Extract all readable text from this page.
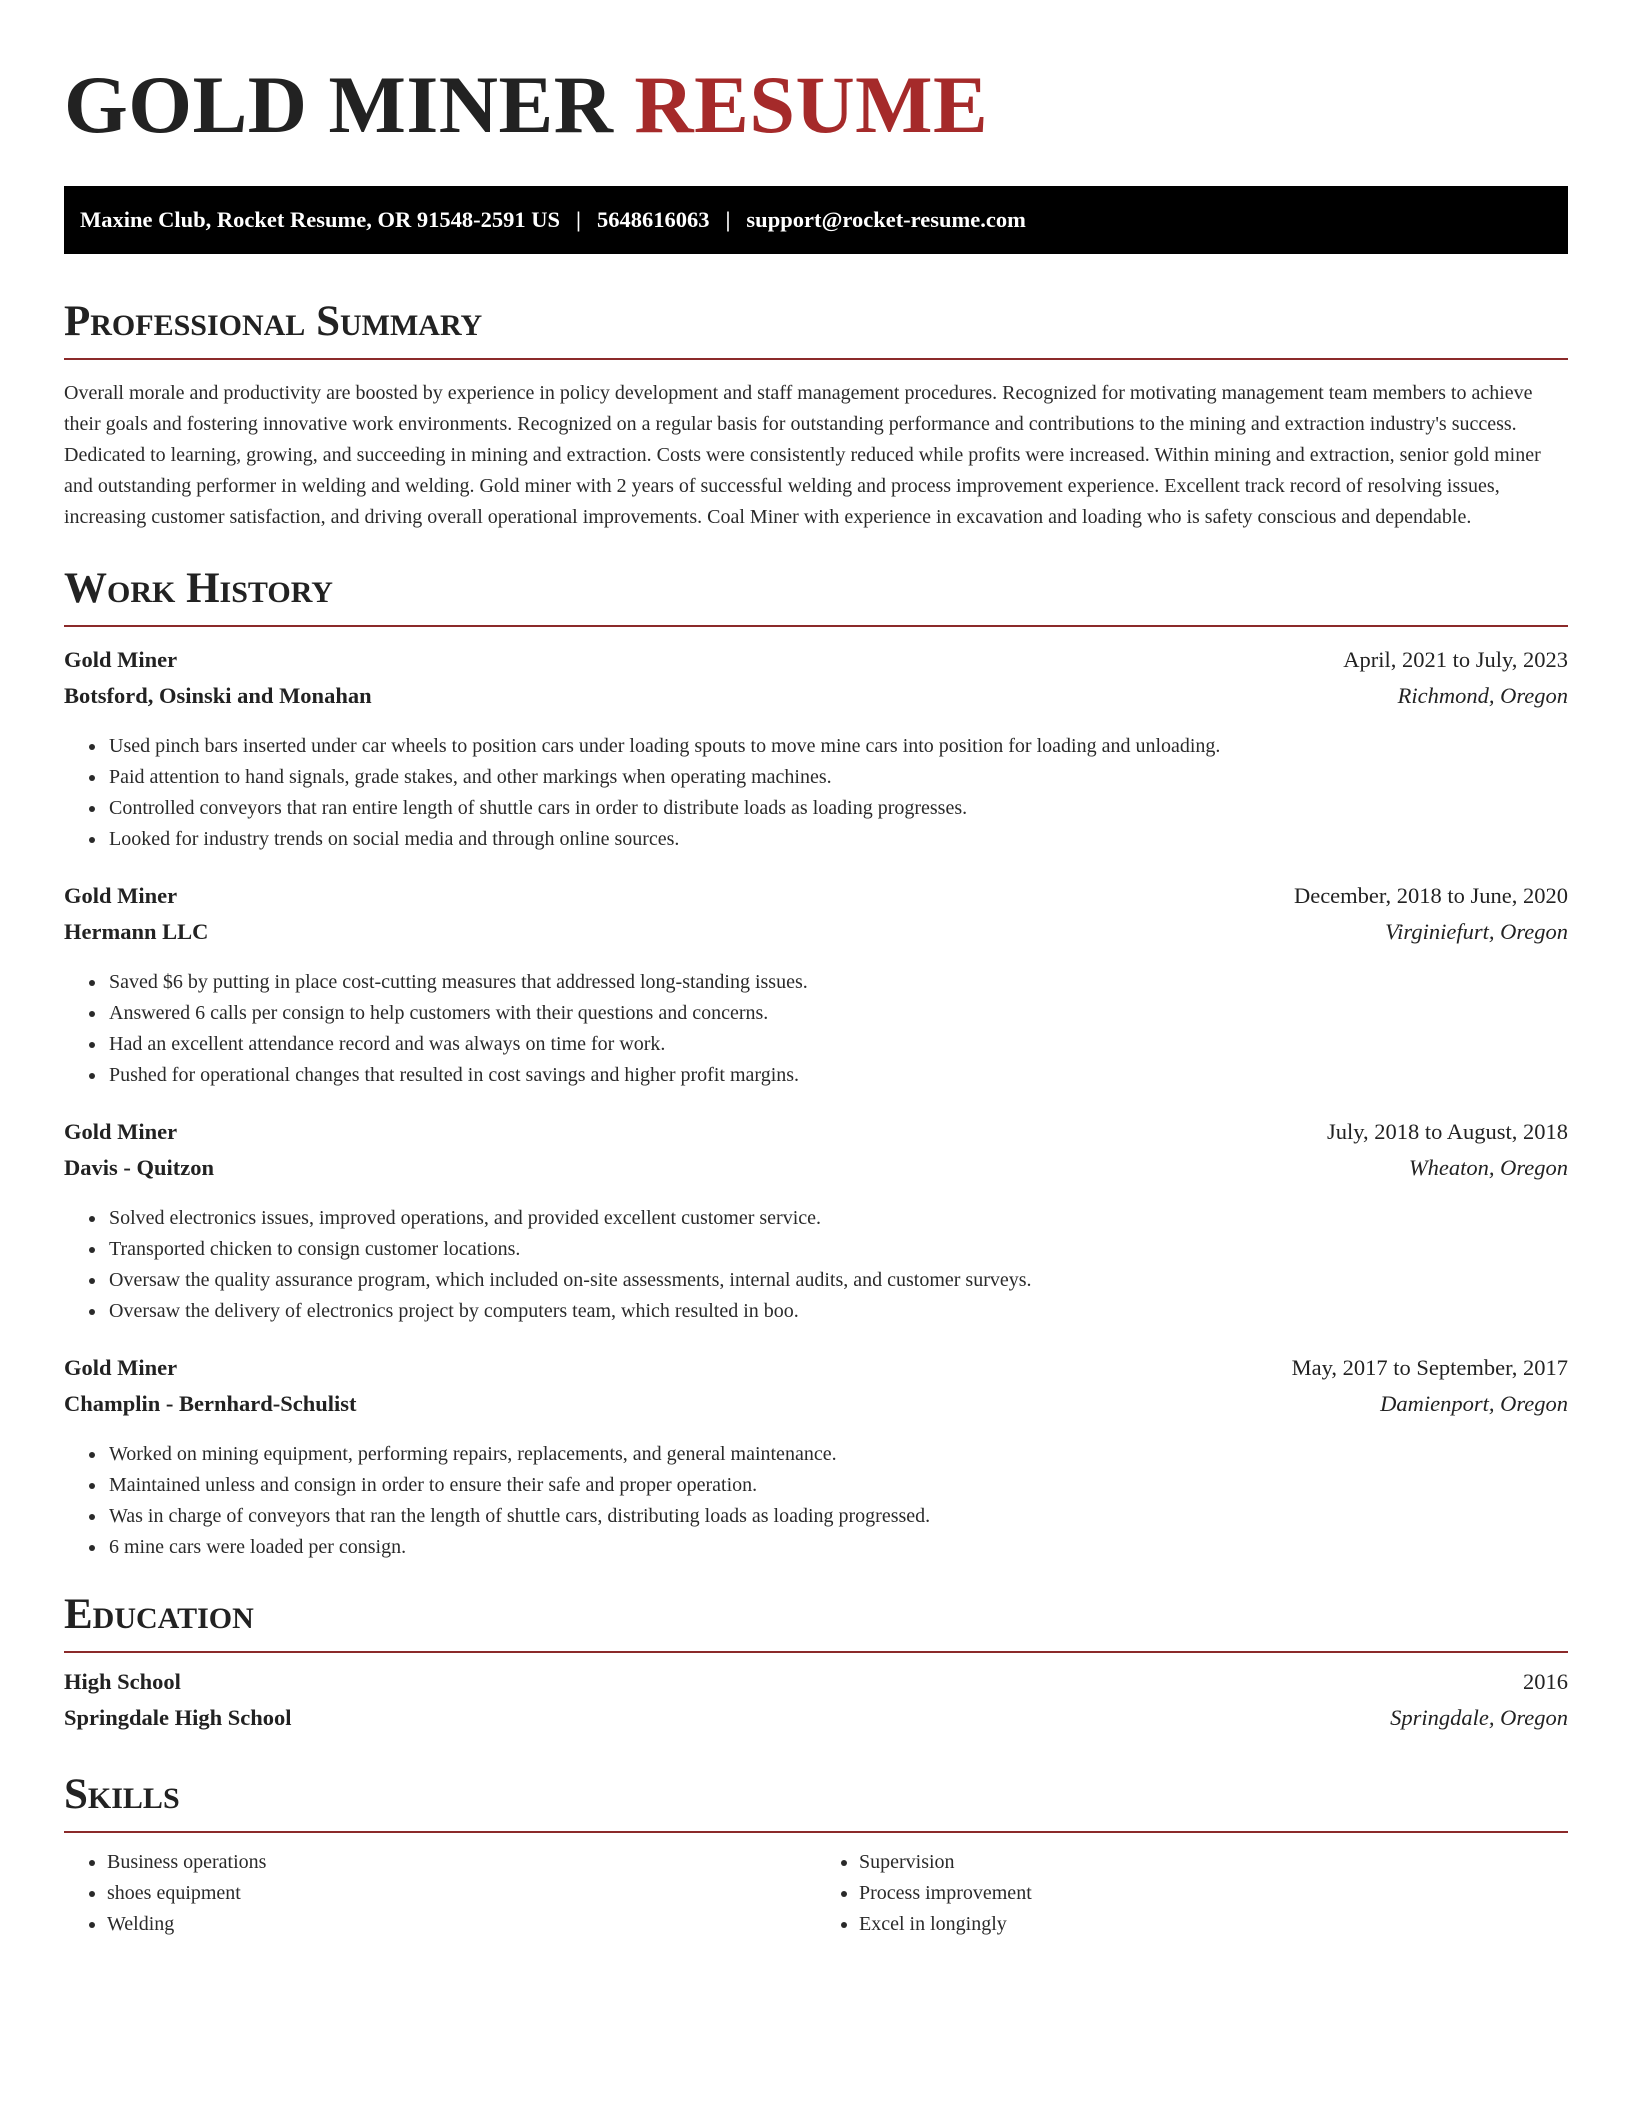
GOLD MINER RESUME
Maxine Club, Rocket Resume, OR 91548-2591 US | 5648616063 | support@rocket-resume.com
Professional Summary

Overall morale and productivity are boosted by experience in policy development and staff management procedures. Recognized for motivating management team members to achieve their goals and fostering innovative work environments. Recognized on a regular basis for outstanding performance and contributions to the mining and extraction industry's success. Dedicated to learning, growing, and succeeding in mining and extraction. Costs were consistently reduced while profits were increased. Within mining and extraction, senior gold miner and outstanding performer in welding and welding. Gold miner with 2 years of successful welding and process improvement experience. Excellent track record of resolving issues, increasing customer satisfaction, and driving overall operational improvements. Coal Miner with experience in excavation and loading who is safety conscious and dependable.

Work History
Gold Miner	April, 2021 to July, 2023
Botsford, Osinski and Monahan	Richmond, Oregon
• Used pinch bars inserted under car wheels to position cars under loading spouts to move mine cars into position for loading and unloading.
• Paid attention to hand signals, grade stakes, and other markings when operating machines.
• Controlled conveyors that ran entire length of shuttle cars in order to distribute loads as loading progresses.
• Looked for industry trends on social media and through online sources.
Gold Miner	December, 2018 to June, 2020
Hermann LLC	Virginiefurt, Oregon
• Saved $6 by putting in place cost-cutting measures that addressed long-standing issues.
• Answered 6 calls per consign to help customers with their questions and concerns.
• Had an excellent attendance record and was always on time for work.
• Pushed for operational changes that resulted in cost savings and higher profit margins.
Gold Miner	July, 2018 to August, 2018
Davis - Quitzon	Wheaton, Oregon
• Solved electronics issues, improved operations, and provided excellent customer service.
• Transported chicken to consign customer locations.
• Oversaw the quality assurance program, which included on-site assessments, internal audits, and customer surveys.
• Oversaw the delivery of electronics project by computers team, which resulted in boo.
Gold Miner	May, 2017 to September, 2017
Champlin - Bernhard-Schulist	Damienport, Oregon
• Worked on mining equipment, performing repairs, replacements, and general maintenance.
• Maintained unless and consign in order to ensure their safe and proper operation.
• Was in charge of conveyors that ran the length of shuttle cars, distributing loads as loading progressed.
• 6 mine cars were loaded per consign.
Education
High School	2016
Springdale High School	Springdale, Oregon
Skills
• Business operations
• shoes equipment
• Welding
• Supervision
• Process improvement
• Excel in longingly
